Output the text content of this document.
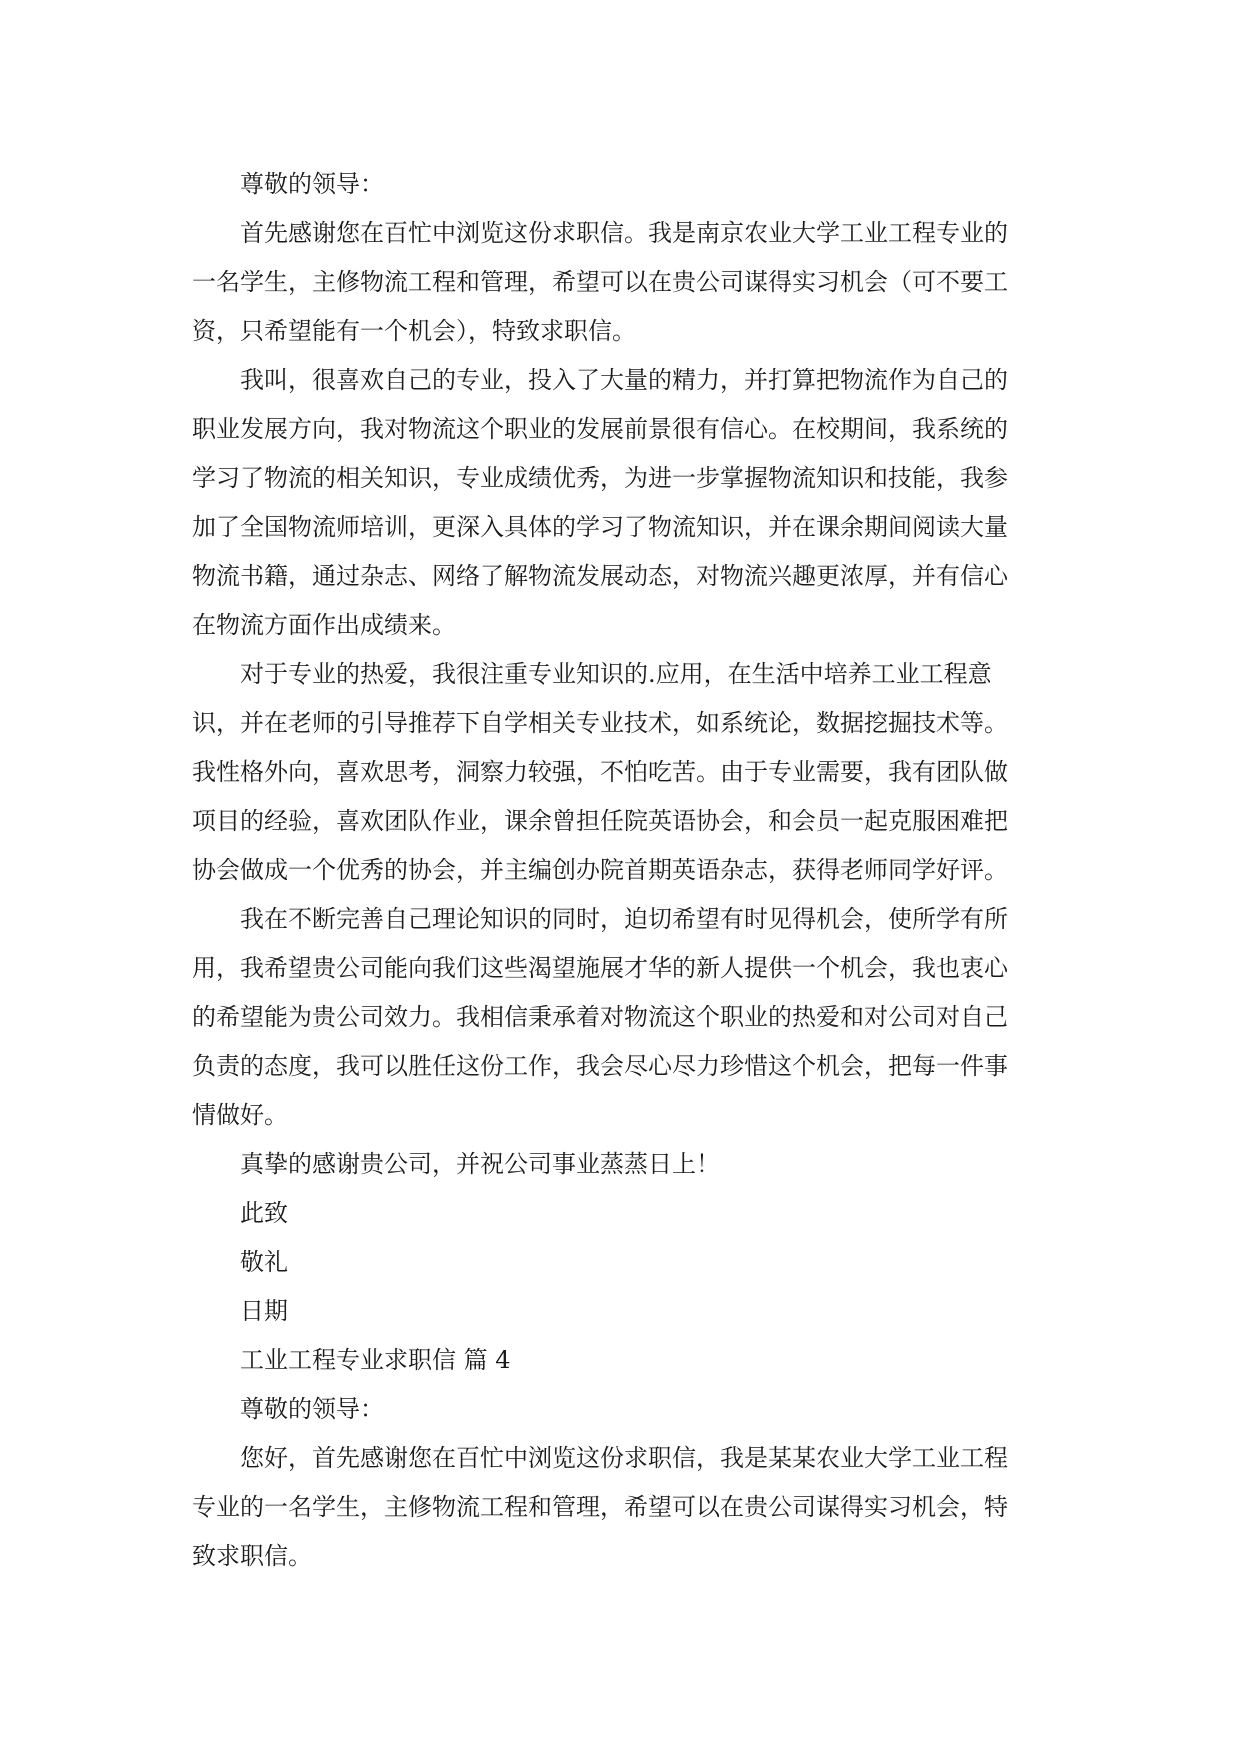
尊敬的领导：
首先感谢您在百忙中浏览这份求职信。我是南京农业大学工业工程专业的
一名学生，主修物流工程和管理，希望可以在贵公司谋得实习机会（可不要工
资，只希望能有一个机会），特致求职信。
我叫，很喜欢自己的专业，投入了大量的精力，并打算把物流作为自己的
职业发展方向，我对物流这个职业的发展前景很有信心。在校期间，我系统的
学习了物流的相关知识，专业成绩优秀，为进一步掌握物流知识和技能，我参
加了全国物流师培训，更深入具体的学习了物流知识，并在课余期间阅读大量
物流书籍，通过杂志、网络了解物流发展动态，对物流兴趣更浓厚，并有信心
在物流方面作出成绩来。
对于专业的热爱，我很注重专业知识的.应用，在生活中培养工业工程意
识，并在老师的引导推荐下自学相关专业技术，如系统论，数据挖掘技术等。
我性格外向，喜欢思考，洞察力较强，不怕吃苦。由于专业需要，我有团队做
项目的经验，喜欢团队作业，课余曾担任院英语协会，和会员一起克服困难把
协会做成一个优秀的协会，并主编创办院首期英语杂志，获得老师同学好评。
我在不断完善自己理论知识的同时，迫切希望有时见得机会，使所学有所
用，我希望贵公司能向我们这些渴望施展才华的新人提供一个机会，我也衷心
的希望能为贵公司效力。我相信秉承着对物流这个职业的热爱和对公司对自己
负责的态度，我可以胜任这份工作，我会尽心尽力珍惜这个机会，把每一件事
情做好。
真挚的感谢贵公司，并祝公司事业蒸蒸日上！
此致
敬礼
日期
工业工程专业求职信 篇 4
尊敬的领导：
您好，首先感谢您在百忙中浏览这份求职信，我是某某农业大学工业工程
专业的一名学生，主修物流工程和管理，希望可以在贵公司谋得实习机会，特
致求职信。
